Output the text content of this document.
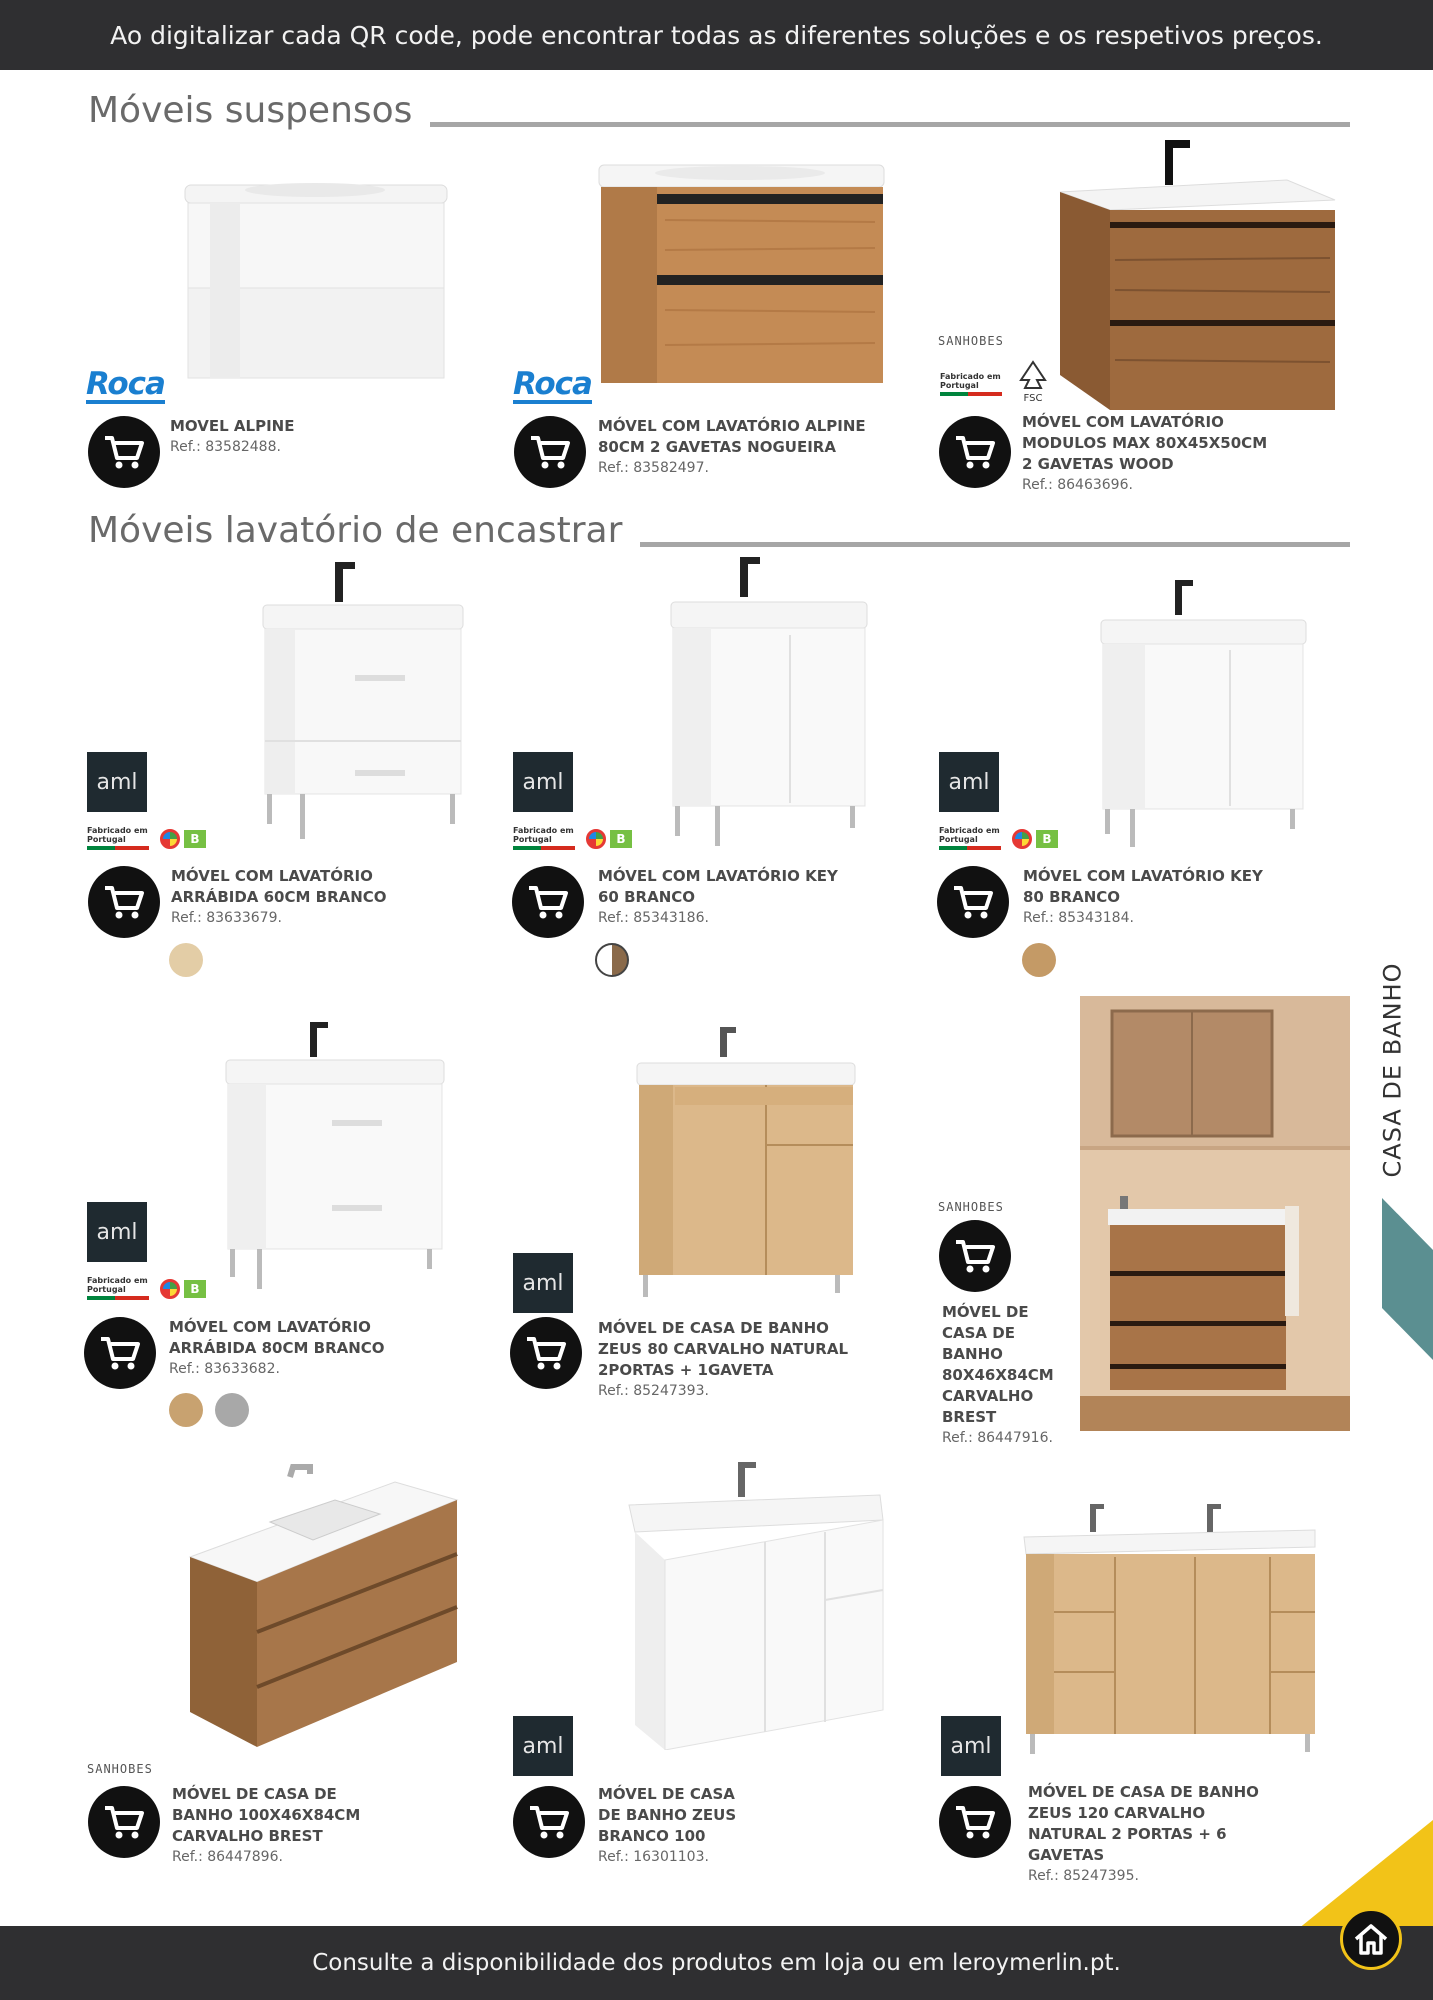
Ao digitalizar cada QR code, pode encontrar todas as diferentes soluções e os respetivos preços.
Móveis suspensos
Móveis lavatório de encastrar
Roca	Roca
SANHOBES
Fabricado em Portugal
FSC
MOVEL ALPINE
Ref.: 83582488.
MÓVEL COM LAVATÓRIO ALPINE 80CM 2 GAVETAS NOGUEIRA
Ref.: 83582497.
MÓVEL COM LAVATÓRIO MODULOS MAX 80X45X50CM 2 GAVETAS WOOD
Ref.: 86463696.
aml
Fabricado em Portugal	B
aml
Fabricado em Portugal	B
aml
Fabricado em Portugal	B
MÓVEL COM LAVATÓRIO ARRÁBIDA 60CM BRANCO
Ref.: 83633679.
MÓVEL COM LAVATÓRIO KEY 60 BRANCO
Ref.: 85343186.
MÓVEL COM LAVATÓRIO KEY 80 BRANCO
Ref.: 85343184.
aml
Fabricado em Portugal	B	aml
SANHOBES
MÓVEL COM LAVATÓRIO ARRÁBIDA 80CM BRANCO
Ref.: 83633682.
MÓVEL DE CASA DE BANHO ZEUS 80 CARVALHO NATURAL 2PORTAS + 1GAVETA
Ref.: 85247393.
MÓVEL DE CASA DE BANHO 80X46X84CM CARVALHO BREST
Ref.: 86447916.
SANHOBES
aml	aml
MÓVEL DE CASA DE BANHO 100X46X84CM CARVALHO BREST
Ref.: 86447896.
MÓVEL DE CASA DE BANHO ZEUS BRANCO 100
Ref.: 16301103.
MÓVEL DE CASA DE BANHO ZEUS 120 CARVALHO NATURAL 2 PORTAS + 6 GAVETAS
Ref.: 85247395.
CASA DE BANHO
Consulte a disponibilidade dos produtos em loja ou em leroymerlin.pt.
